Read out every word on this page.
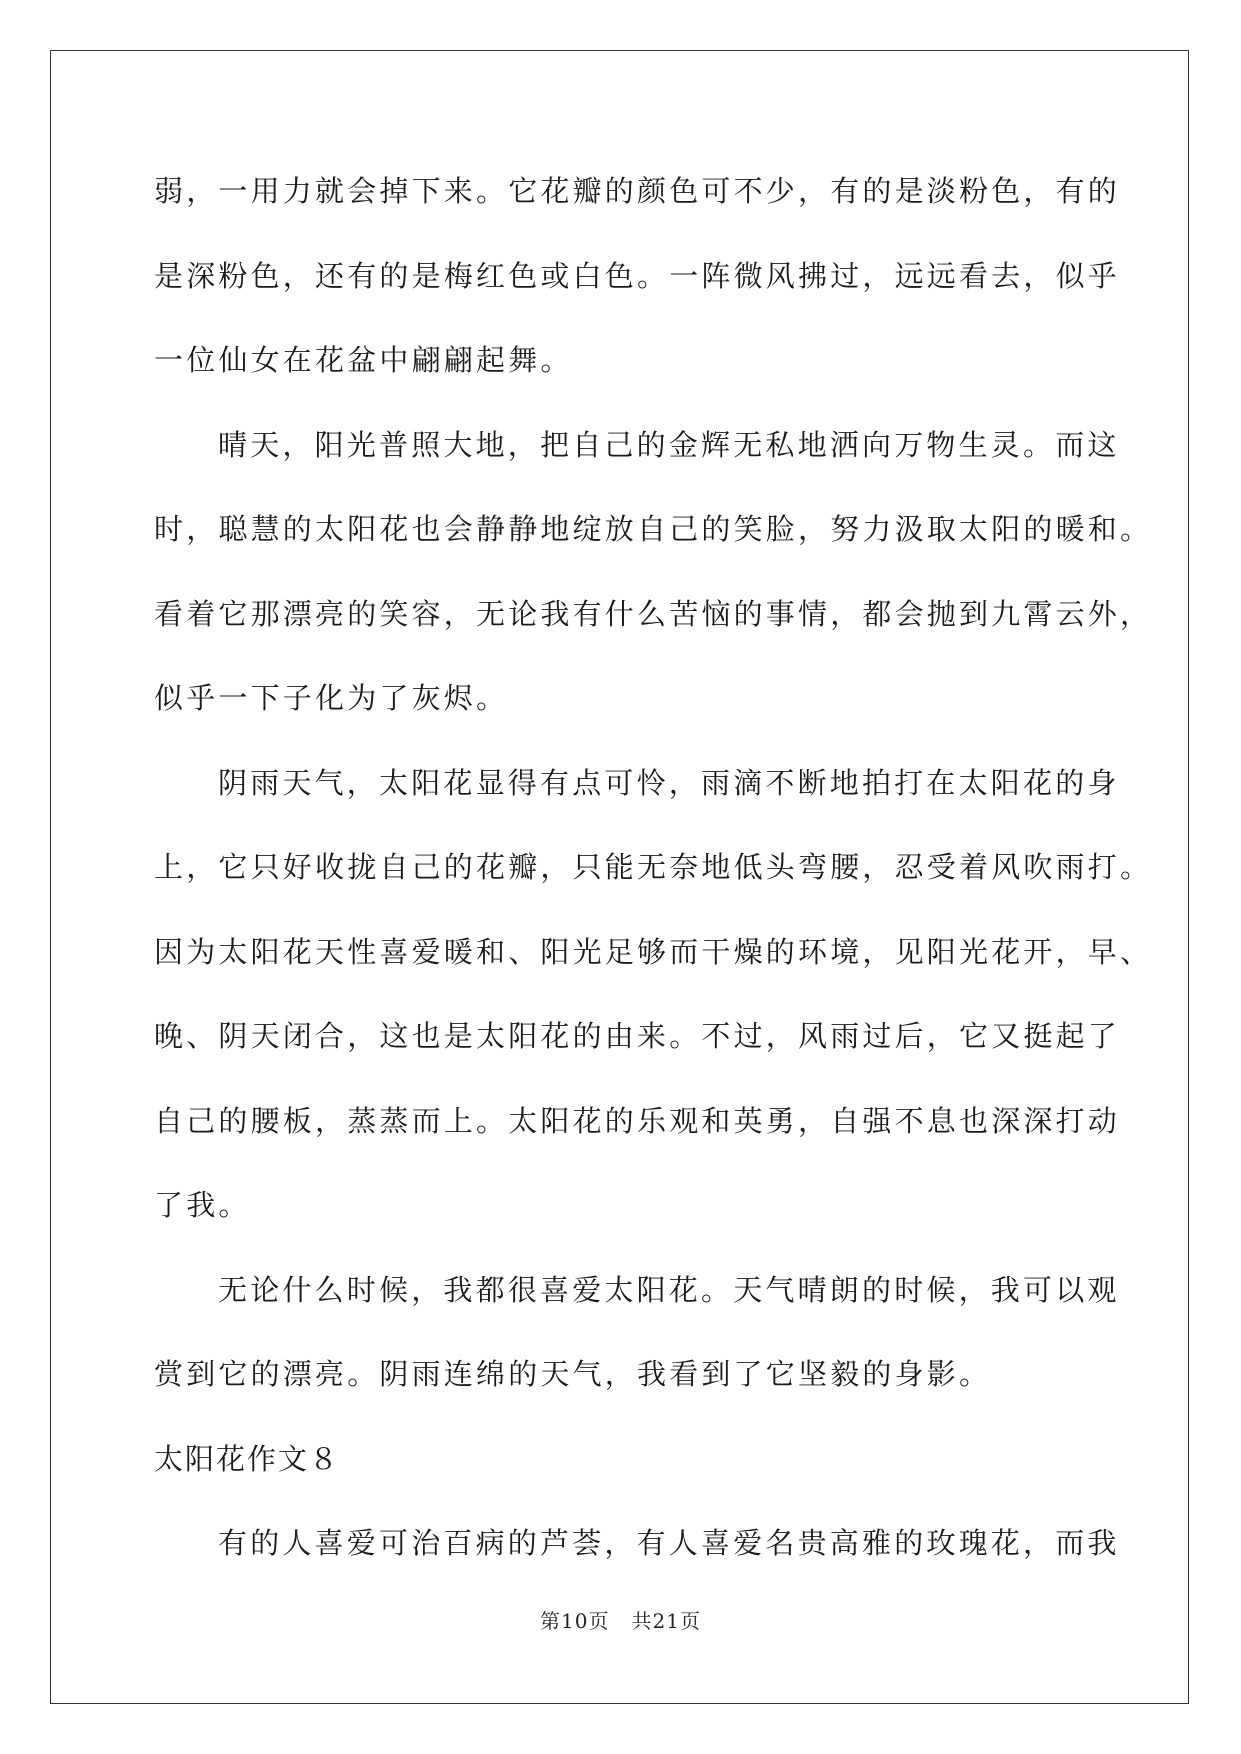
弱，一用力就会掉下来。它花瓣的颜色可不少，有的是淡粉色，有的
是深粉色，还有的是梅红色或白色。一阵微风拂过，远远看去，似乎
一位仙女在花盆中翩翩起舞。
晴天，阳光普照大地，把自己的金辉无私地洒向万物生灵。而这
时，聪慧的太阳花也会静静地绽放自己的笑脸，努力汲取太阳的暖和。
看着它那漂亮的笑容，无论我有什么苦恼的事情，都会抛到九霄云外，
似乎一下子化为了灰烬。
阴雨天气，太阳花显得有点可怜，雨滴不断地拍打在太阳花的身
上，它只好收拢自己的花瓣，只能无奈地低头弯腰，忍受着风吹雨打。
因为太阳花天性喜爱暖和、阳光足够而干燥的环境，见阳光花开，早、
晚、阴天闭合，这也是太阳花的由来。不过，风雨过后，它又挺起了
自己的腰板，蒸蒸而上。太阳花的乐观和英勇，自强不息也深深打动
了我。
无论什么时候，我都很喜爱太阳花。天气晴朗的时候，我可以观
赏到它的漂亮。阴雨连绵的天气，我看到了它坚毅的身影。
太阳花作文８
有的人喜爱可治百病的芦荟，有人喜爱名贵高雅的玫瑰花，而我
第10页 共21页
